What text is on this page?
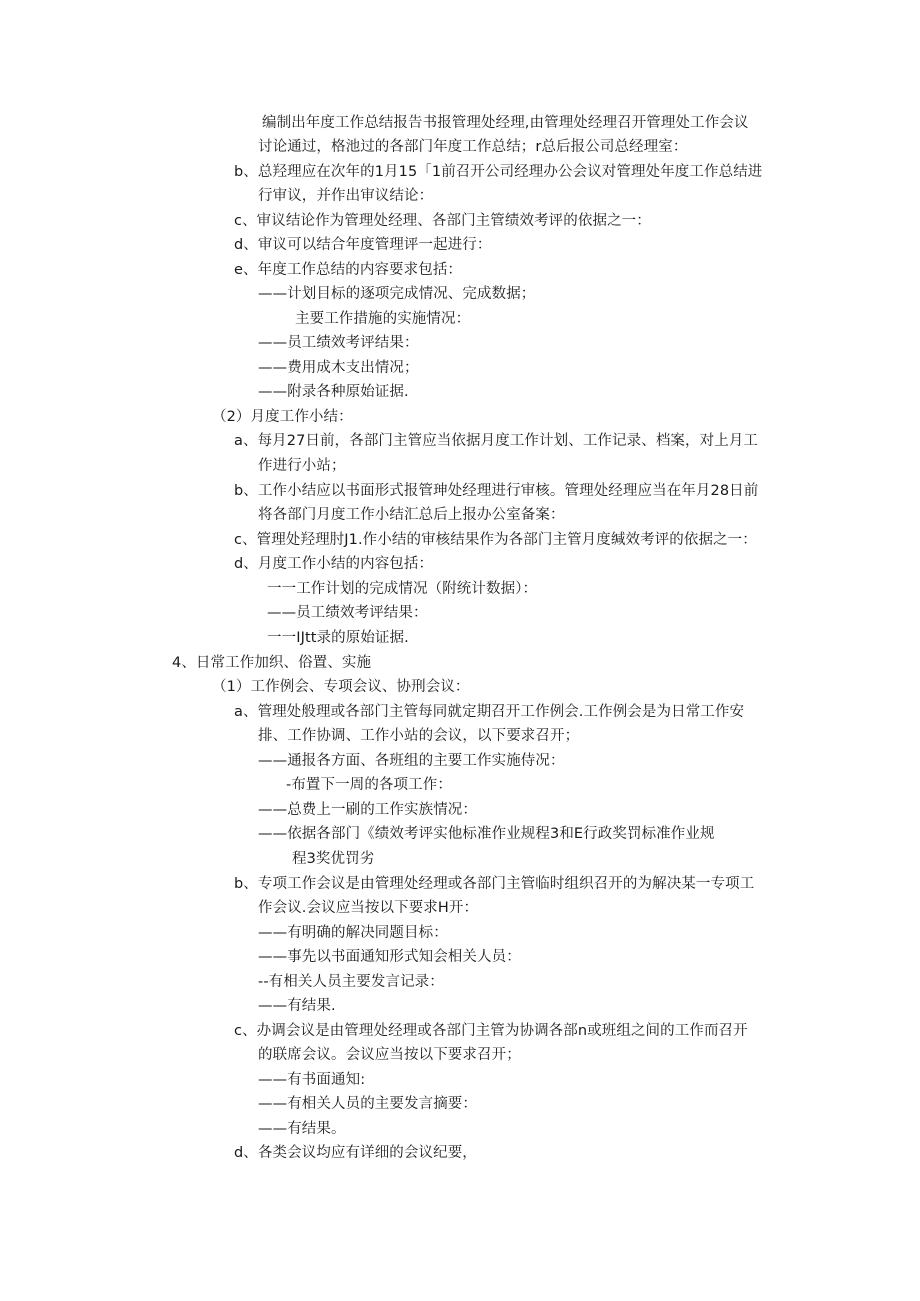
编制出年度工作总结报告书报管理处经理,由管理处经理召开管理处工作会议
讨论通过，格池过的各部门年度工作总结；r总后报公司总经理室：
b、总羟理应在次年的1月15「1前召开公司经理办公会议对管理处年度工作总结进
行审议，并作出审议结论：
c、审议结论作为管理处经理、各部门主管绩效考评的依据之一：
d、审议可以结合年度管理评一起进行：
e、年度工作总结的内容要求包括：
——计划目标的逐项完成情况、完成数据；
主要工作措施的实施情况：
——员工绩效考评结果：
——费用成木支出情况；
——附录各种原始证据.
（2）月度工作小结：
a、每月27日前，各部门主管应当依据月度工作计划、工作记录、档案，对上月工
作进行小站；
b、工作小结应以书面形式报管珅处经理进行审核。管理处经理应当在年月28日前
将各部门月度工作小结汇总后上报办公室备案：
c、管理处羟理肘J1.作小结的审核结果作为各部门主管月度缄效考评的依据之一：
d、月度工作小结的内容包括：
一一工作计划的完成情况（附统计数据）：
——员工绩效考评结果：
一一IJtt录的原始证据.
4、日常工作加织、俗置、实施
（1）工作例会、专项会议、协刑会议：
a、管理处般理或各部门主管每同就定期召开工作例会.工作例会是为日常工作安
排、工作协调、工作小站的会议，以下要求召开；
——通报各方面、各班组的主要工作实施侍况：
-布置下一周的各项工作：
——总费上一刷的工作实族情况：
——依据各部门《绩效考评实他标准作业规程3和E行政奖罚标准作业规
程3奖优罚劣
b、专项工作会议是由管理处经理或各部门主管临时组织召开的为解决某一专项工
作会议.会议应当按以下要求H开：
——有明确的解决同题目标：
——事先以书面通知形式知会相关人员：
--有相关人员主要发言记录：
——有结果.
c、办调会议是由管理处经理或各部门主管为协调各部n或班组之间的工作而召开
的联席会议。会议应当按以下要求召开；
——有书面通知:
——有相关人员的主要发言摘要：
——有结果。
d、各类会议均应有详细的会议纪要，
